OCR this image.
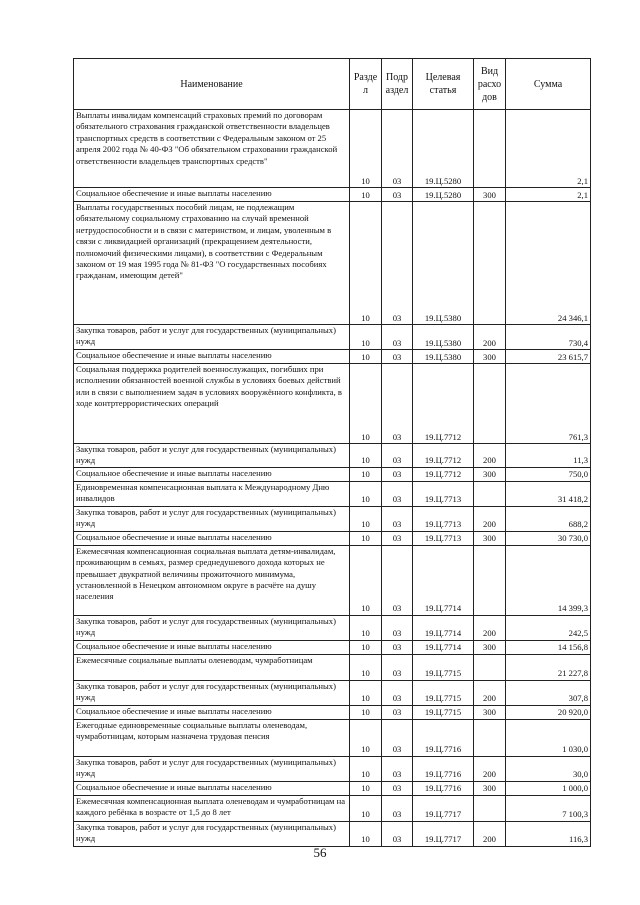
Наименование	Разде л	Подр аздел	Целевая статья	Вид расхо дов	Сумма
Выплаты инвалидам компенсаций страховых премий по договорам обязательного страхования гражданской ответственности владельцев транспортных средств в соответствии с Федеральным законом от 25 апреля 2002 года № 40-ФЗ "Об обязательном страховании гражданской ответственности владельцев транспортных средств"	10	03	19.Ц.5280		2,1
Социальное обеспечение и иные выплаты населению	10	03	19.Ц.5280	300	2,1
Выплаты государственных пособий лицам, не подлежащим обязательному социальному страхованию на случай временной нетрудоспособности и в связи с материнством, и лицам, уволенным в связи с ликвидацией организаций (прекращением деятельности, полномочий физическими лицами), в соответствии с Федеральным законом от 19 мая 1995 года № 81-ФЗ "О государственных пособиях гражданам, имеющим детей"	10	03	19.Ц.5380		24 346,1
Закупка товаров, работ и услуг для государственных (муниципальных) нужд	10	03	19.Ц.5380	200	730,4
Социальное обеспечение и иные выплаты населению	10	03	19.Ц.5380	300	23 615,7
Социальная поддержка родителей военнослужащих, погибших при исполнении обязанностей военной службы в условиях боевых действий или в связи с выполнением задач в условиях вооружённого конфликта, в ходе контртеррористических операций	10	03	19.Ц.7712		761,3
Закупка товаров, работ и услуг для государственных (муниципальных) нужд	10	03	19.Ц.7712	200	11,3
Социальное обеспечение и иные выплаты населению	10	03	19.Ц.7712	300	750,0
Единовременная компенсационная выплата к Международному Дню инвалидов	10	03	19.Ц.7713		31 418,2
Закупка товаров, работ и услуг для государственных (муниципальных) нужд	10	03	19.Ц.7713	200	688,2
Социальное обеспечение и иные выплаты населению	10	03	19.Ц.7713	300	30 730,0
Ежемесячная компенсационная социальная выплата детям-инвалидам, проживающим в семьях, размер среднедушевого дохода которых не превышает двукратной величины прожиточного минимума, установленной в Ненецком автономном округе в расчёте на душу населения	10	03	19.Ц.7714		14 399,3
Закупка товаров, работ и услуг для государственных (муниципальных) нужд	10	03	19.Ц.7714	200	242,5
Социальное обеспечение и иные выплаты населению	10	03	19.Ц.7714	300	14 156,8
Ежемесячные социальные выплаты оленеводам, чумработницам	10	03	19.Ц.7715		21 227,8
Закупка товаров, работ и услуг для государственных (муниципальных) нужд	10	03	19.Ц.7715	200	307,8
Социальное обеспечение и иные выплаты населению	10	03	19.Ц.7715	300	20 920,0
Ежегодные единовременные социальные выплаты оленеводам, чумработницам, которым назначена трудовая пенсия	10	03	19.Ц.7716		1 030,0
Закупка товаров, работ и услуг для государственных (муниципальных) нужд	10	03	19.Ц.7716	200	30,0
Социальное обеспечение и иные выплаты населению	10	03	19.Ц.7716	300	1 000,0
Ежемесячная компенсационная выплата оленеводам и чумработницам на каждого ребёнка в возрасте от 1,5 до 8 лет	10	03	19.Ц.7717		7 100,3
Закупка товаров, работ и услуг для государственных (муниципальных) нужд	10	03	19.Ц.7717	200	116,3
56
